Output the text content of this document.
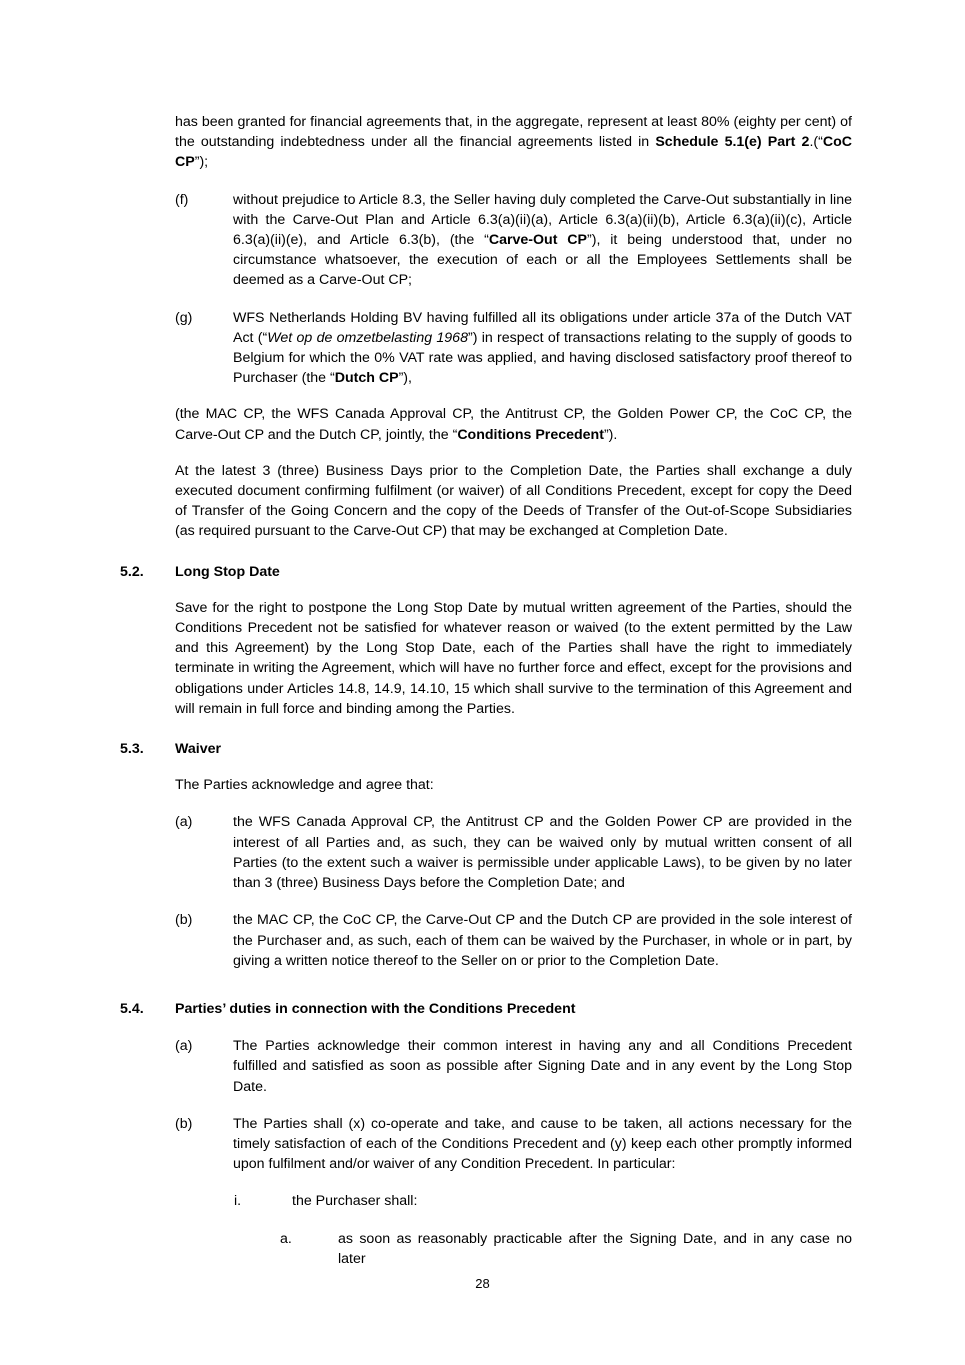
has been granted for financial agreements that, in the aggregate, represent at least 80% (eighty per cent) of the outstanding indebtedness under all the financial agreements listed in Schedule 5.1(e) Part 2.(“CoC CP”);
(f)	without prejudice to Article 8.3, the Seller having duly completed the Carve-Out substantially in line with the Carve-Out Plan and Article 6.3(a)(ii)(a), Article 6.3(a)(ii)(b), Article 6.3(a)(ii)(c), Article 6.3(a)(ii)(e), and Article 6.3(b), (the “Carve-Out CP”), it being understood that, under no circumstance whatsoever, the execution of each or all the Employees Settlements shall be deemed as a Carve-Out CP;
(g)	WFS Netherlands Holding BV having fulfilled all its obligations under article 37a of the Dutch VAT Act (“Wet op de omzetbelasting 1968”) in respect of transactions relating to the supply of goods to Belgium for which the 0% VAT rate was applied, and having disclosed satisfactory proof thereof to Purchaser (the “Dutch CP”),
(the MAC CP, the WFS Canada Approval CP, the Antitrust CP, the Golden Power CP, the CoC CP, the Carve-Out CP and the Dutch CP, jointly, the “Conditions Precedent”).
At the latest 3 (three) Business Days prior to the Completion Date, the Parties shall exchange a duly executed document confirming fulfilment (or waiver) of all Conditions Precedent, except for copy the Deed of Transfer of the Going Concern and the copy of the Deeds of Transfer of the Out-of-Scope Subsidiaries (as required pursuant to the Carve-Out CP) that may be exchanged at Completion Date.
5.2. Long Stop Date
Save for the right to postpone the Long Stop Date by mutual written agreement of the Parties, should the Conditions Precedent not be satisfied for whatever reason or waived (to the extent permitted by the Law and this Agreement) by the Long Stop Date, each of the Parties shall have the right to immediately terminate in writing the Agreement, which will have no further force and effect, except for the provisions and obligations under Articles 14.8, 14.9, 14.10, 15 which shall survive to the termination of this Agreement and will remain in full force and binding among the Parties.
5.3. Waiver
The Parties acknowledge and agree that:
(a)	the WFS Canada Approval CP, the Antitrust CP and the Golden Power CP are provided in the interest of all Parties and, as such, they can be waived only by mutual written consent of all Parties (to the extent such a waiver is permissible under applicable Laws), to be given by no later than 3 (three) Business Days before the Completion Date; and
(b)	the MAC CP, the CoC CP, the Carve-Out CP and the Dutch CP are provided in the sole interest of the Purchaser and, as such, each of them can be waived by the Purchaser, in whole or in part, by giving a written notice thereof to the Seller on or prior to the Completion Date.
5.4. Parties’ duties in connection with the Conditions Precedent
(a)	The Parties acknowledge their common interest in having any and all Conditions Precedent fulfilled and satisfied as soon as possible after Signing Date and in any event by the Long Stop Date.
(b)	The Parties shall (x) co-operate and take, and cause to be taken, all actions necessary for the timely satisfaction of each of the Conditions Precedent and (y) keep each other promptly informed upon fulfilment and/or waiver of any Condition Precedent. In particular:
i.	the Purchaser shall:
a.	as soon as reasonably practicable after the Signing Date, and in any case no later
28
